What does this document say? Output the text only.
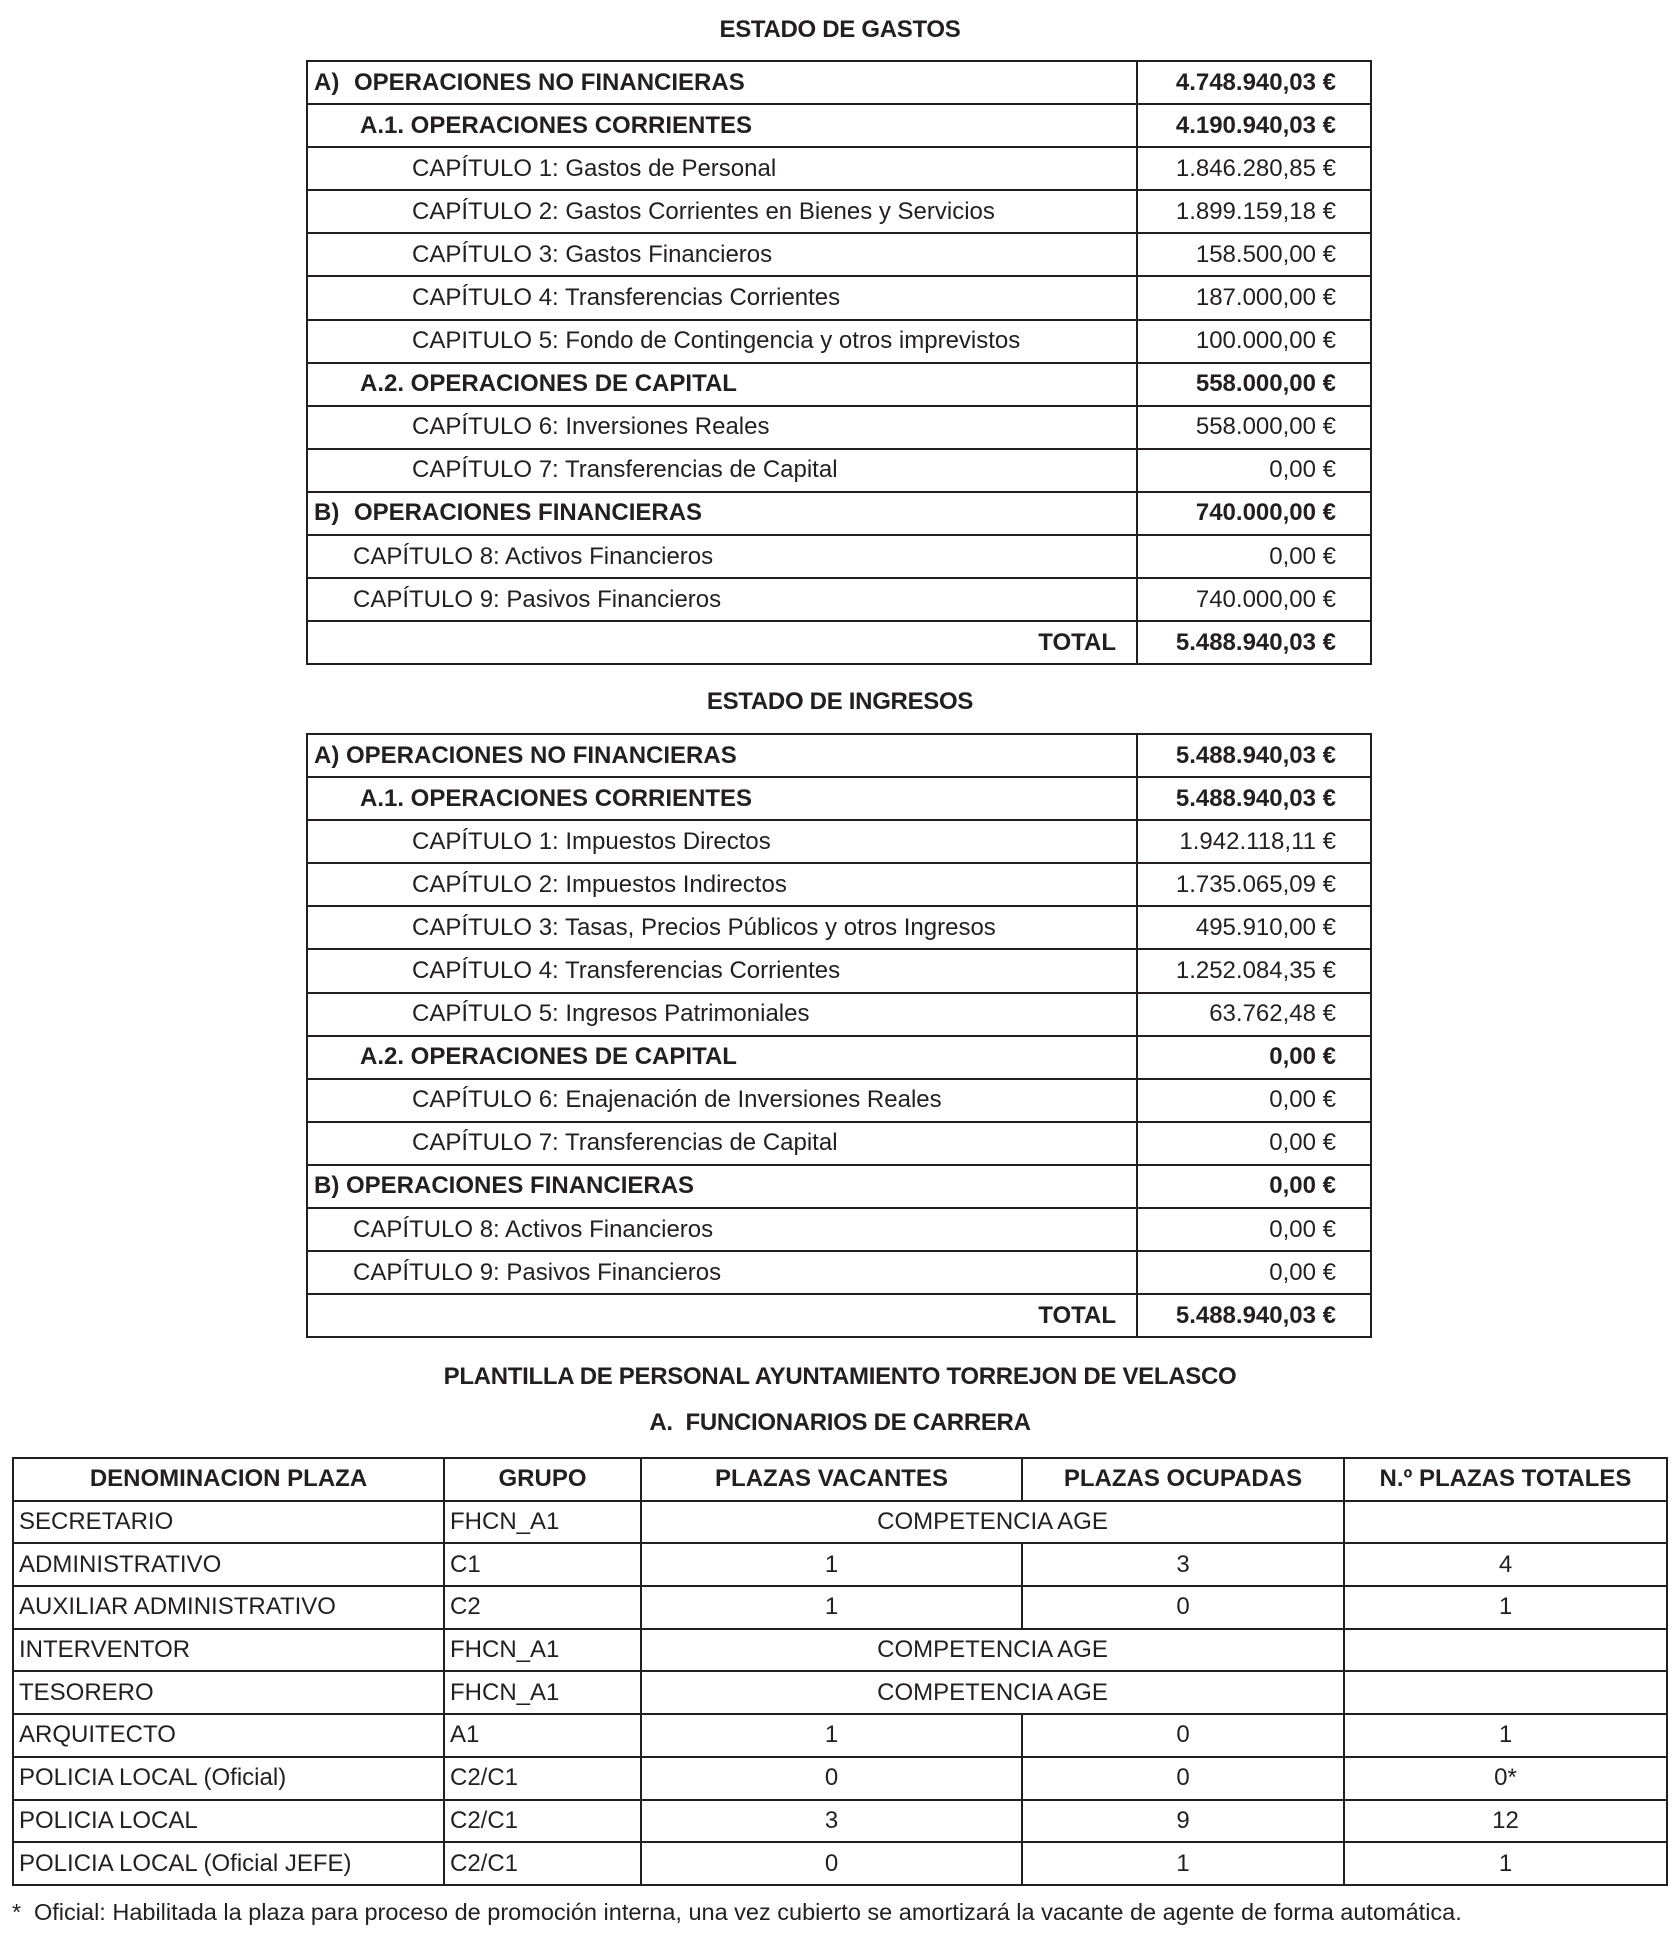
ESTADO DE GASTOS
A) OPERACIONES NO FINANCIERAS	4.748.940,03 €
A.1. OPERACIONES CORRIENTES	4.190.940,03 €
CAPÍTULO 1: Gastos de Personal	1.846.280,85 €
CAPÍTULO 2: Gastos Corrientes en Bienes y Servicios	1.899.159,18 €
CAPÍTULO 3: Gastos Financieros	158.500,00 €
CAPÍTULO 4: Transferencias Corrientes	187.000,00 €
CAPITULO 5: Fondo de Contingencia y otros imprevistos	100.000,00 €
A.2. OPERACIONES DE CAPITAL	558.000,00 €
CAPÍTULO 6: Inversiones Reales	558.000,00 €
CAPÍTULO 7: Transferencias de Capital	0,00 €
B) OPERACIONES FINANCIERAS	740.000,00 €
CAPÍTULO 8: Activos Financieros	0,00 €
CAPÍTULO 9: Pasivos Financieros	740.000,00 €
TOTAL	5.488.940,03 €
ESTADO DE INGRESOS
A) OPERACIONES NO FINANCIERAS	5.488.940,03 €
A.1. OPERACIONES CORRIENTES	5.488.940,03 €
CAPÍTULO 1: Impuestos Directos	1.942.118,11 €
CAPÍTULO 2: Impuestos Indirectos	1.735.065,09 €
CAPÍTULO 3: Tasas, Precios Públicos y otros Ingresos	495.910,00 €
CAPÍTULO 4: Transferencias Corrientes	1.252.084,35 €
CAPÍTULO 5: Ingresos Patrimoniales	63.762,48 €
A.2. OPERACIONES DE CAPITAL	0,00 €
CAPÍTULO 6: Enajenación de Inversiones Reales	0,00 €
CAPÍTULO 7: Transferencias de Capital	0,00 €
B) OPERACIONES FINANCIERAS	0,00 €
CAPÍTULO 8: Activos Financieros	0,00 €
CAPÍTULO 9: Pasivos Financieros	0,00 €
TOTAL	5.488.940,03 €
PLANTILLA DE PERSONAL AYUNTAMIENTO TORREJON DE VELASCO
A.  FUNCIONARIOS DE CARRERA
DENOMINACION PLAZA	GRUPO	PLAZAS VACANTES	PLAZAS OCUPADAS	N.º PLAZAS TOTALES
SECRETARIO	FHCN_A1	COMPETENCIA AGE		
ADMINISTRATIVO	C1	1	3	4
AUXILIAR ADMINISTRATIVO	C2	1	0	1
INTERVENTOR	FHCN_A1	COMPETENCIA AGE		
TESORERO	FHCN_A1	COMPETENCIA AGE		
ARQUITECTO	A1	1	0	1
POLICIA LOCAL (Oficial)	C2/C1	0	0	0*
POLICIA LOCAL	C2/C1	3	9	12
POLICIA LOCAL (Oficial JEFE)	C2/C1	0	1	1
* Oficial: Habilitada la plaza para proceso de promoción interna, una vez cubierto se amortizará la vacante de agente de forma automática.
